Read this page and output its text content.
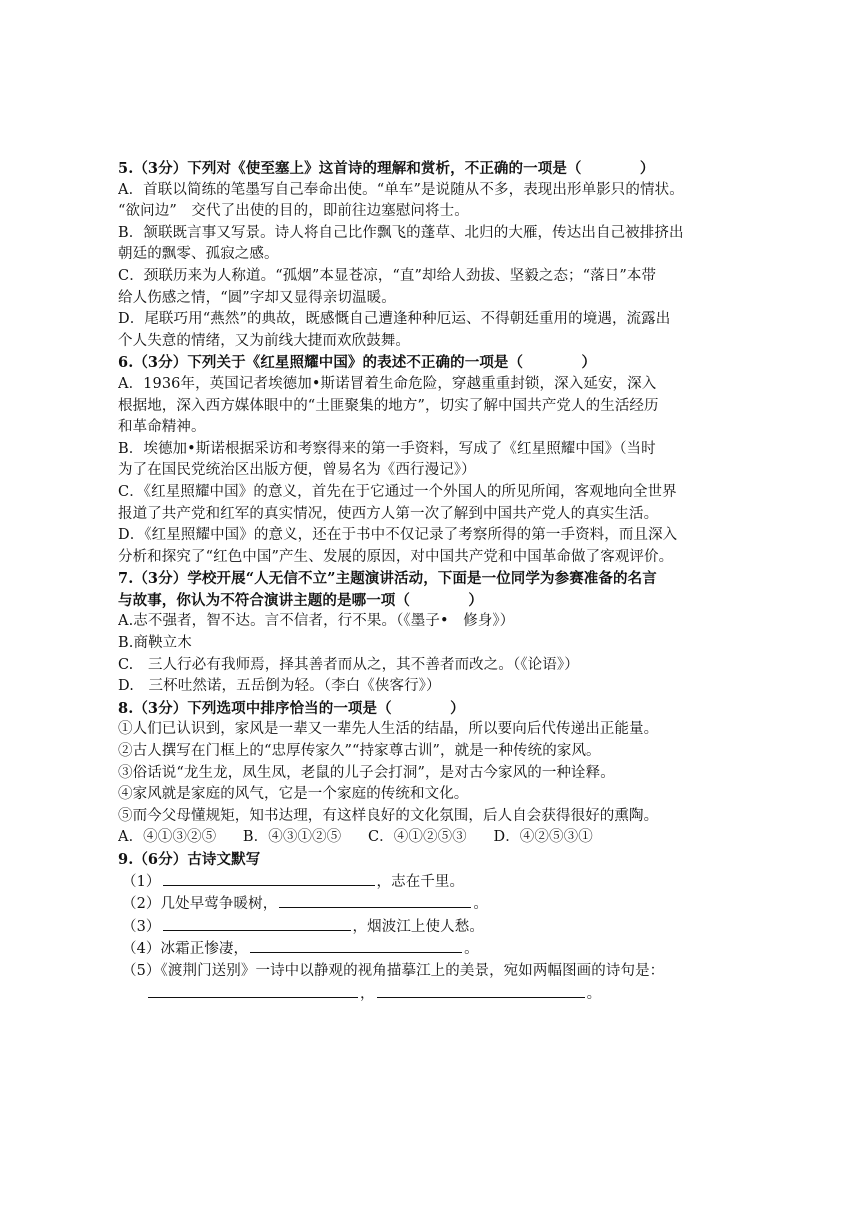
5.（3分）下列对《使至塞上》这首诗的理解和赏析，不正确的一项是（　　　　）
A．首联以简练的笔墨写自己奉命出使。“单车”是说随从不多，表现出形单影只的情状。
“欲问边”　交代了出使的目的，即前往边塞慰问将士。
B．颔联既言事又写景。诗人将自己比作飘飞的蓬草、北归的大雁，传达出自己被排挤出
朝廷的飘零、孤寂之感。
C．颈联历来为人称道。“孤烟”本显苍凉，“直”却给人劲拔、坚毅之态；“落日”本带
给人伤感之情，“圆”字却又显得亲切温暖。
D．尾联巧用“燕然”的典故，既感慨自己遭逢种种厄运、不得朝廷重用的境遇，流露出
个人失意的情绪，又为前线大捷而欢欣鼓舞。
6.（3分）下列关于《红星照耀中国》的表述不正确的一项是（　　　　）
A．1936年，英国记者埃德加•斯诺冒着生命危险，穿越重重封锁，深入延安，深入
根据地，深入西方媒体眼中的“土匪聚集的地方”，切实了解中国共产党人的生活经历
和革命精神。
B．埃德加•斯诺根据采访和考察得来的第一手资料，写成了《红星照耀中国》（当时
为了在国民党统治区出版方便，曾易名为《西行漫记》）
C．《红星照耀中国》的意义，首先在于它通过一个外国人的所见所闻，客观地向全世界
报道了共产党和红军的真实情况，使西方人第一次了解到中国共产党人的真实生活。
D．《红星照耀中国》的意义，还在于书中不仅记录了考察所得的第一手资料，而且深入
分析和探究了“红色中国”产生、发展的原因，对中国共产党和中国革命做了客观评价。
7.（3分）学校开展“人无信不立”主题演讲活动，下面是一位同学为参赛准备的名言
与故事，你认为不符合演讲主题的是哪一项（　　　　）
A.志不强者，智不达。言不信者，行不果。（《墨子•　修身》）
B.商鞅立木
C.　三人行必有我师焉，择其善者而从之，其不善者而改之。（《论语》）
D.　三杯吐然诺，五岳倒为轻。（李白《侠客行》）
8.（3分）下列选项中排序恰当的一项是（　　　　）
①人们已认识到，家风是一辈又一辈先人生活的结晶，所以要向后代传递出正能量。
②古人撰写在门框上的“忠厚传家久”“持家尊古训”，就是一种传统的家风。
③俗话说“龙生龙，凤生凤，老鼠的儿子会打洞”，是对古今家风的一种诠释。
④家风就是家庭的风气，它是一个家庭的传统和文化。
⑤而今父母懂规矩，知书达理，有这样良好的文化氛围，后人自会获得很好的熏陶。
A．④①③②⑤ B．④③①②⑤ C．④①②⑤③ D．④②⑤③①
9.（6分）古诗文默写
（1）	，志在千里。
（2）几处早莺争暖树，	。
（3）	，烟波江上使人愁。
（4）冰霜正惨凄，	。
（5）《渡荆门送别》一诗中以静观的视角描摹江上的美景，宛如两幅图画的诗句是：
，	。
